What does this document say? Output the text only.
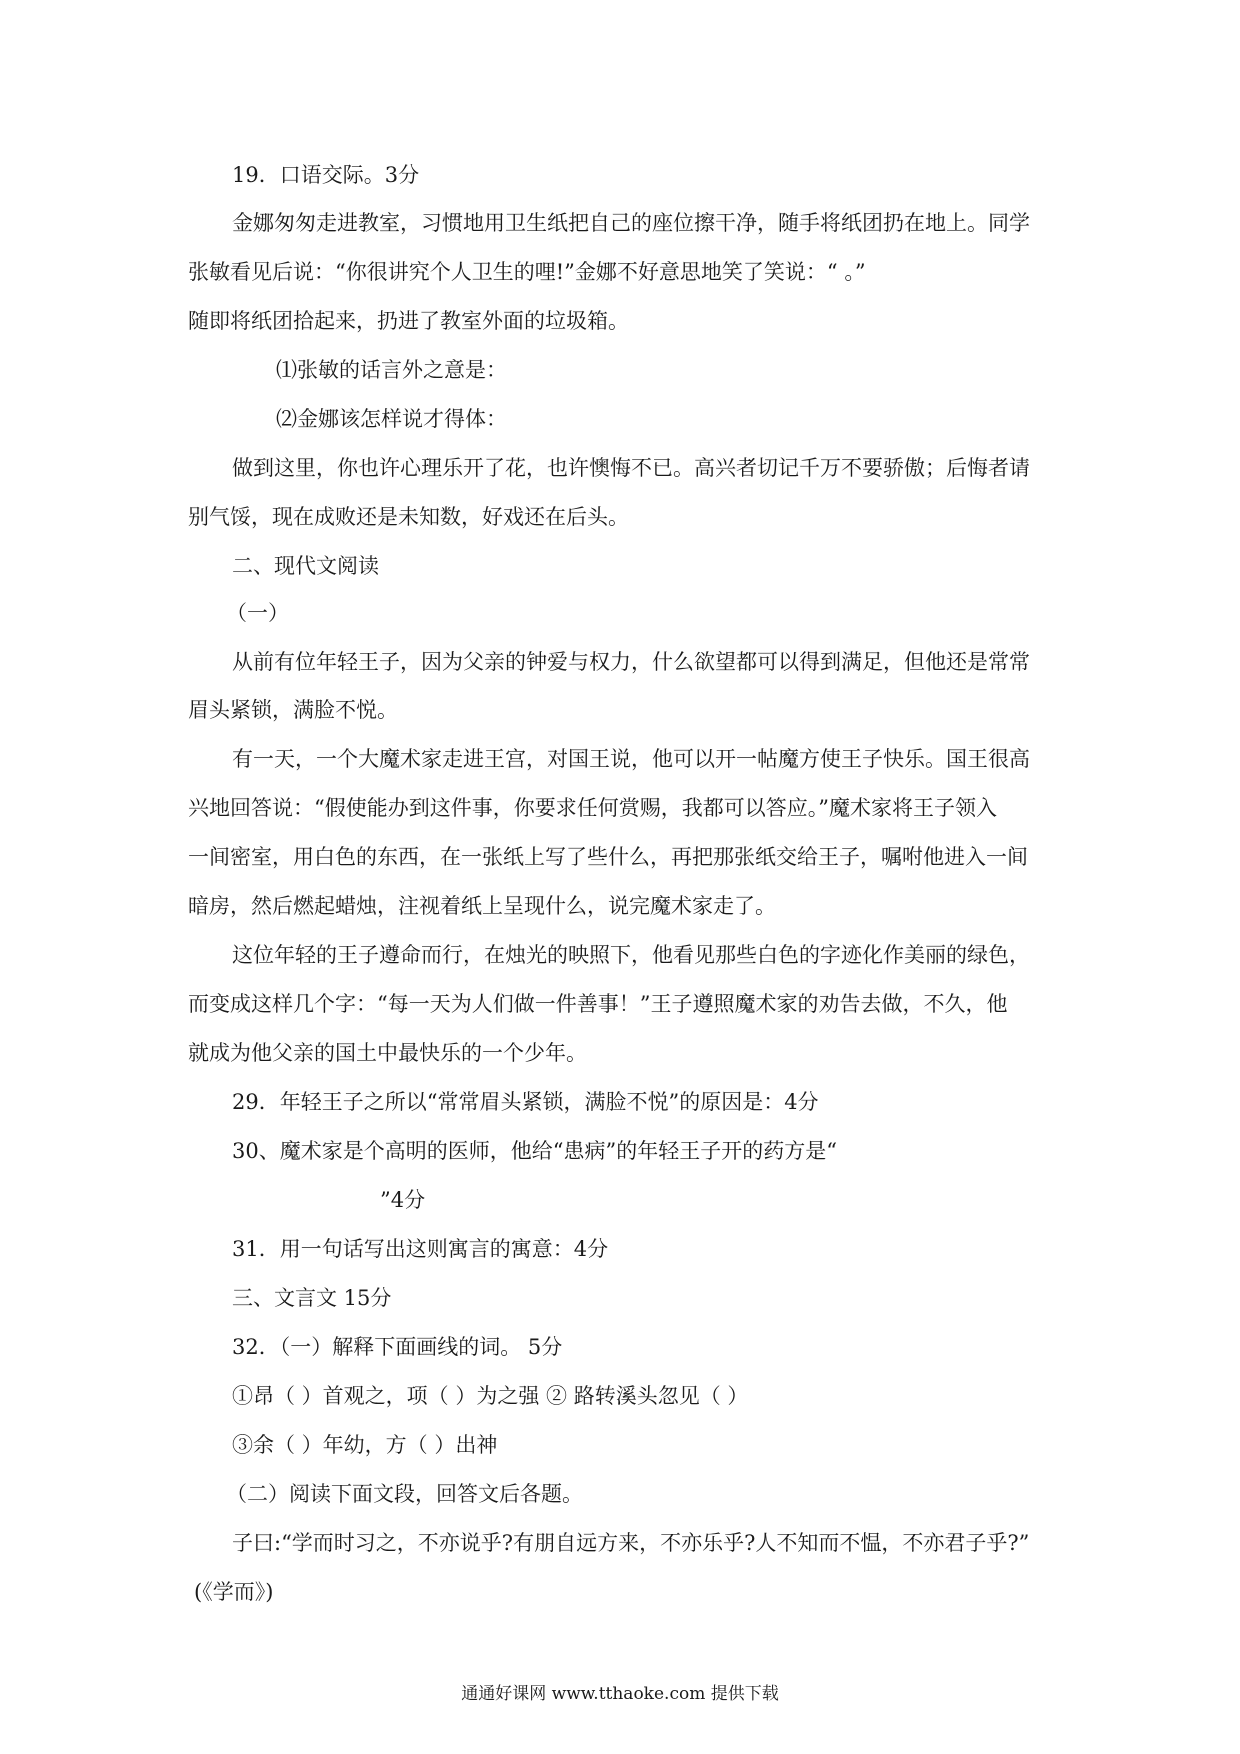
19．口语交际。3分
金娜匆匆走进教室，习惯地用卫生纸把自己的座位擦干净，随手将纸团扔在地上。同学
张敏看见后说：“你很讲究个人卫生的哩!”金娜不好意思地笑了笑说：“ 。”
随即将纸团拾起来，扔进了教室外面的垃圾箱。
⑴张敏的话言外之意是：
⑵金娜该怎样说才得体：
做到这里，你也许心理乐开了花，也许懊悔不已。高兴者切记千万不要骄傲；后悔者请
别气馁，现在成败还是未知数，好戏还在后头。
二、现代文阅读
（一）
从前有位年轻王子，因为父亲的钟爱与权力，什么欲望都可以得到满足，但他还是常常
眉头紧锁，满脸不悦。
有一天，一个大魔术家走进王宫，对国王说，他可以开一帖魔方使王子快乐。国王很高
兴地回答说：“假使能办到这件事，你要求任何赏赐，我都可以答应。”魔术家将王子领入
一间密室，用白色的东西，在一张纸上写了些什么，再把那张纸交给王子，嘱咐他进入一间
暗房，然后燃起蜡烛，注视着纸上呈现什么，说完魔术家走了。
这位年轻的王子遵命而行，在烛光的映照下，他看见那些白色的字迹化作美丽的绿色，
而变成这样几个字：“每一天为人们做一件善事！”王子遵照魔术家的劝告去做，不久，他
就成为他父亲的国土中最快乐的一个少年。
29．年轻王子之所以“常常眉头紧锁，满脸不悦”的原因是：4分
30、魔术家是个高明的医师，他给“患病”的年轻王子开的药方是“
”4分
31．用一句话写出这则寓言的寓意：4分
三、文言文 15分
32．（一）解释下面画线的词。 5分
①昂（ ）首观之，项（ ）为之强 ② 路转溪头忽见（ ）
③余（ ）年幼，方（ ）出神
（二）阅读下面文段，回答文后各题。
子曰:“学而时习之，不亦说乎?有朋自远方来，不亦乐乎?人不知而不愠，不亦君子乎?”
(《学而》)
通通好课网 www.tthaoke.com 提供下载
